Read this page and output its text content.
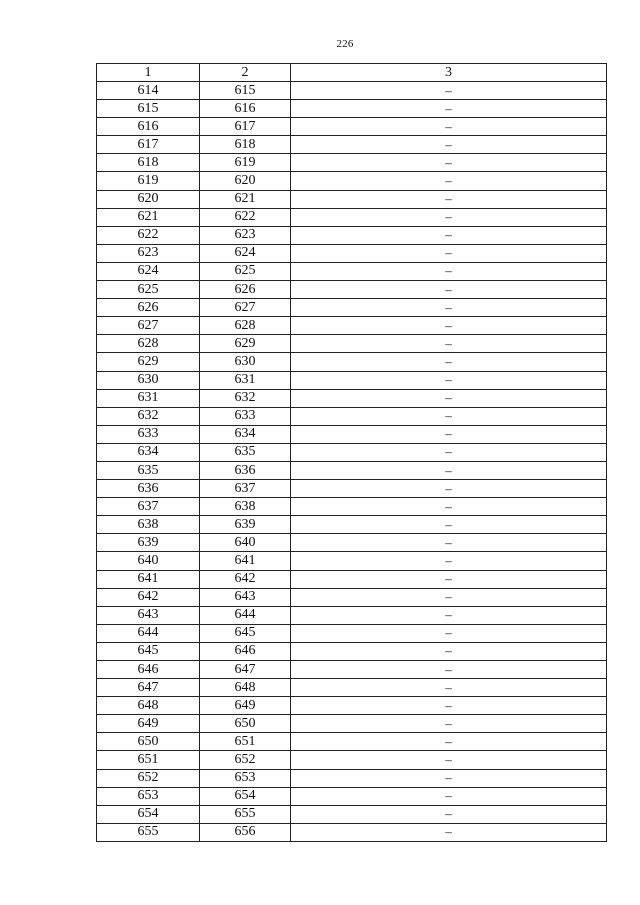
226
1	2	3
614	615	–
615	616	–
616	617	–
617	618	–
618	619	–
619	620	–
620	621	–
621	622	–
622	623	–
623	624	–
624	625	–
625	626	–
626	627	–
627	628	–
628	629	–
629	630	–
630	631	–
631	632	–
632	633	–
633	634	–
634	635	–
635	636	–
636	637	–
637	638	–
638	639	–
639	640	–
640	641	–
641	642	–
642	643	–
643	644	–
644	645	–
645	646	–
646	647	–
647	648	–
648	649	–
649	650	–
650	651	–
651	652	–
652	653	–
653	654	–
654	655	–
655	656	–
